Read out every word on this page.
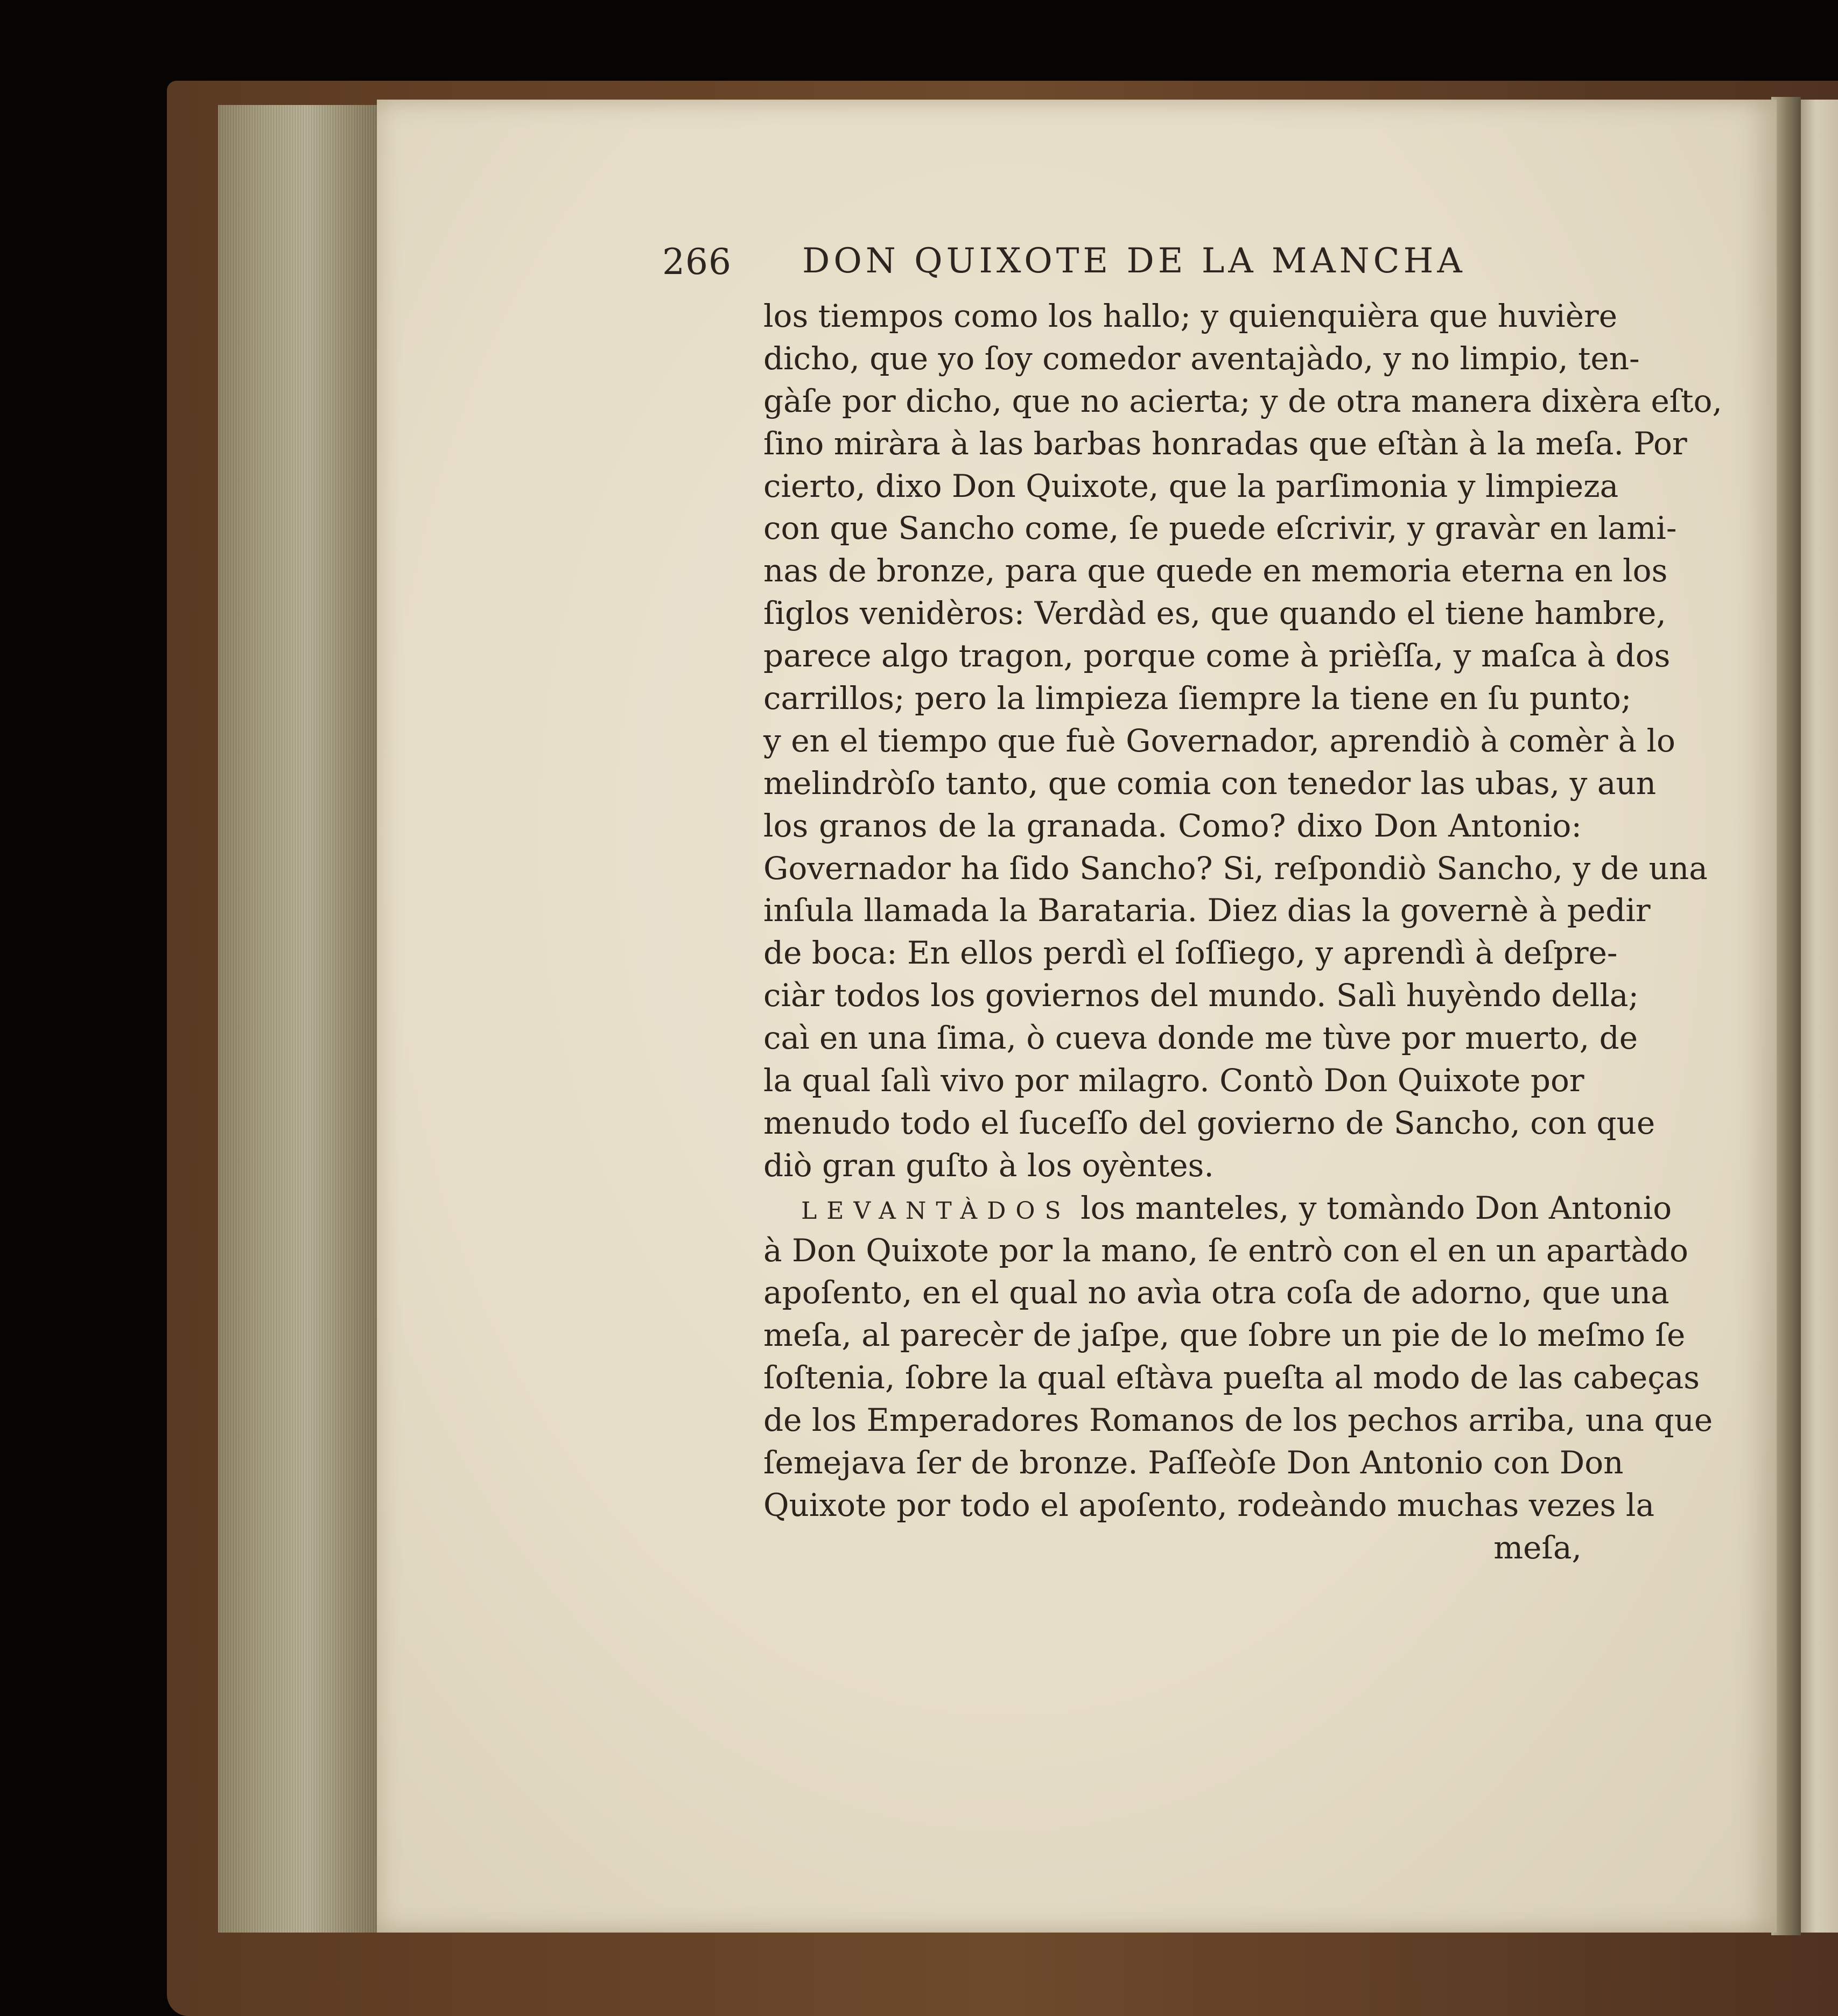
266 DON QUIXOTE DE LA MANCHA
los tiempos como los hallo; y quienquièra que huvière
dicho, que yo ſoy comedor aventajàdo, y no limpio, ten-
gàſe por dicho, que no acierta; y de otra manera dixèra eſto,
ſino miràra à las barbas honradas que eſtàn à la meſa. Por
cierto, dixo Don Quixote, que la parſimonia y limpieza
con que Sancho come, ſe puede eſcrivir, y gravàr en lami-
nas de bronze, para que quede en memoria eterna en los
ſiglos venidèros: Verdàd es, que quando el tiene hambre,
parece algo tragon, porque come à prièſſa, y maſca à dos
carrillos; pero la limpieza ſiempre la tiene en ſu punto;
y en el tiempo que fuè Governador, aprendiò à comèr à lo
melindròſo tanto, que comia con tenedor las ubas, y aun
los granos de la granada. Como? dixo Don Antonio:
Governador ha ſido Sancho? Si, reſpondiò Sancho, y de una
inſula llamada la Barataria. Diez dias la governè à pedir
de boca: En ellos perdì el ſoſſiego, y aprendì à deſpre-
ciàr todos los goviernos del mundo. Salì huyèndo della;
caì en una ſima, ò cueva donde me tùve por muerto, de
la qual ſalì vivo por milagro. Contò Don Quixote por
menudo todo el ſuceſſo del govierno de Sancho, con que
diò gran guſto à los oyèntes.
LEVANTÀDOS los manteles, y tomàndo Don Antonio
à Don Quixote por la mano, ſe entrò con el en un apartàdo
apoſento, en el qual no avìa otra coſa de adorno, que una
meſa, al parecèr de jaſpe, que ſobre un pie de lo meſmo ſe
ſoſtenia, ſobre la qual eſtàva pueſta al modo de las cabeças
de los Emperadores Romanos de los pechos arriba, una que
ſemejava ſer de bronze. Paſſeòſe Don Antonio con Don
Quixote por todo el apoſento, rodeàndo muchas vezes la
meſa,
